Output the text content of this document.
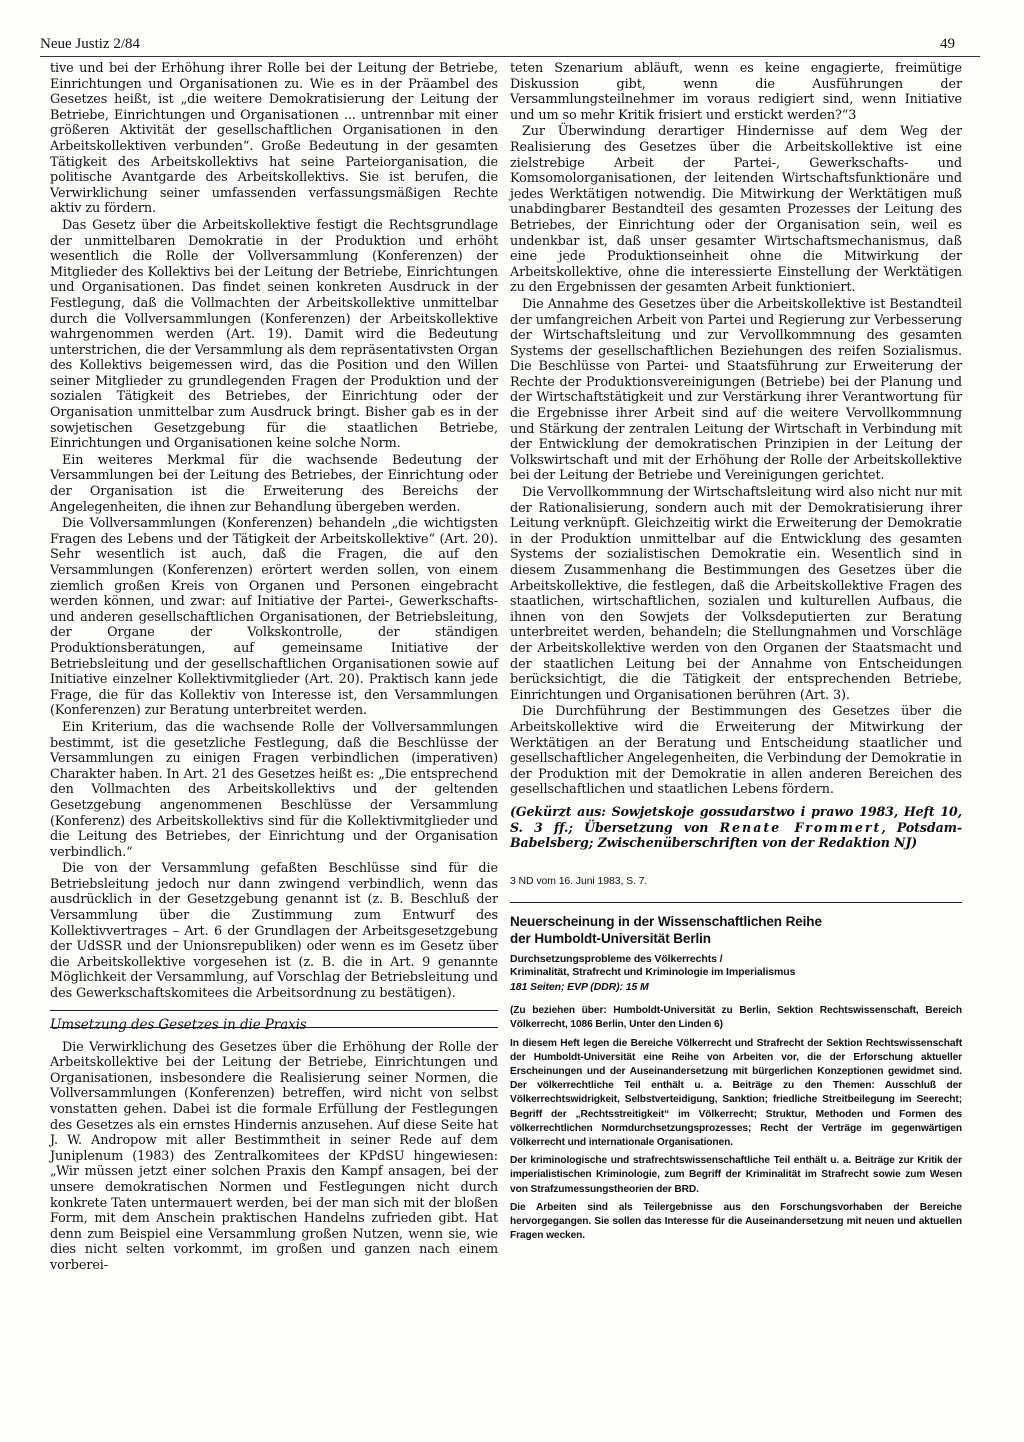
Neue Justiz 2/84	49

tive und bei der Erhöhung ihrer Rolle bei der Leitung der Betriebe, Einrichtungen und Organisationen zu. Wie es in der Präambel des Gesetzes heißt, ist „die weitere Demokratisierung der Leitung der Betriebe, Einrichtungen und Organisationen ... untrennbar mit einer größeren Aktivität der gesellschaftlichen Organisationen in den Arbeitskollektiven verbunden“. Große Bedeutung in der gesamten Tätigkeit des Arbeitskollektivs hat seine Parteiorganisation, die politische Avantgarde des Arbeitskollektivs. Sie ist berufen, die Verwirklichung seiner umfassenden verfassungsmäßigen Rechte aktiv zu fördern.

Das Gesetz über die Arbeitskollektive festigt die Rechtsgrundlage der unmittelbaren Demokratie in der Produktion und erhöht wesentlich die Rolle der Vollversammlung (Konferenzen) der Mitglieder des Kollektivs bei der Leitung der Betriebe, Einrichtungen und Organisationen. Das findet seinen konkreten Ausdruck in der Festlegung, daß die Vollmachten der Arbeitskollektive unmittelbar durch die Vollversammlungen (Konferenzen) der Arbeitskollektive wahrgenommen werden (Art. 19). Damit wird die Bedeutung unterstrichen, die der Versammlung als dem repräsentativsten Organ des Kollektivs beigemessen wird, das die Position und den Willen seiner Mitglieder zu grundlegenden Fragen der Produktion und der sozialen Tätigkeit des Betriebes, der Einrichtung oder der Organisation unmittelbar zum Ausdruck bringt. Bisher gab es in der sowjetischen Gesetzgebung für die staatlichen Betriebe, Einrichtungen und Organisationen keine solche Norm.

Ein weiteres Merkmal für die wachsende Bedeutung der Versammlungen bei der Leitung des Betriebes, der Einrichtung oder der Organisation ist die Erweiterung des Bereichs der Angelegenheiten, die ihnen zur Behandlung übergeben werden.

Die Vollversammlungen (Konferenzen) behandeln „die wichtigsten Fragen des Lebens und der Tätigkeit der Arbeitskollektive“ (Art. 20). Sehr wesentlich ist auch, daß die Fragen, die auf den Versammlungen (Konferenzen) erörtert werden sollen, von einem ziemlich großen Kreis von Organen und Personen eingebracht werden können, und zwar: auf Initiative der Partei-, Gewerkschafts- und anderen gesellschaftlichen Organisationen, der Betriebsleitung, der Organe der Volkskontrolle, der ständigen Produktionsberatungen, auf gemeinsame Initiative der Betriebsleitung und der gesellschaftlichen Organisationen sowie auf Initiative einzelner Kollektivmitglieder (Art. 20). Praktisch kann jede Frage, die für das Kollektiv von Interesse ist, den Versammlungen (Konferenzen) zur Beratung unterbreitet werden.

Ein Kriterium, das die wachsende Rolle der Vollversammlungen bestimmt, ist die gesetzliche Festlegung, daß die Beschlüsse der Versammlungen zu einigen Fragen verbindlichen (imperativen) Charakter haben. In Art. 21 des Gesetzes heißt es: „Die entsprechend den Vollmachten des Arbeitskollektivs und der geltenden Gesetzgebung angenommenen Beschlüsse der Versammlung (Konferenz) des Arbeitskollektivs sind für die Kollektivmitglieder und die Leitung des Betriebes, der Einrichtung und der Organisation verbindlich.“

Die von der Versammlung gefaßten Beschlüsse sind für die Betriebsleitung jedoch nur dann zwingend verbindlich, wenn das ausdrücklich in der Gesetzgebung genannt ist (z. B. Beschluß der Versammlung über die Zustimmung zum Entwurf des Kollektivvertrages – Art. 6 der Grundlagen der Arbeitsgesetzgebung der UdSSR und der Unionsrepubliken) oder wenn es im Gesetz über die Arbeitskollektive vorgesehen ist (z. B. die in Art. 9 genannte Möglichkeit der Versammlung, auf Vorschlag der Betriebsleitung und des Gewerkschaftskomitees die Arbeitsordnung zu bestätigen).

Umsetzung des Gesetzes in die Praxis

Die Verwirklichung des Gesetzes über die Erhöhung der Rolle der Arbeitskollektive bei der Leitung der Betriebe, Einrichtungen und Organisationen, insbesondere die Realisierung seiner Normen, die Vollversammlungen (Konferenzen) betreffen, wird nicht von selbst vonstatten gehen. Dabei ist die formale Erfüllung der Festlegungen des Gesetzes als ein ernstes Hindernis anzusehen. Auf diese Seite hat J. W. Andropow mit aller Bestimmtheit in seiner Rede auf dem Juniplenum (1983) des Zentralkomitees der KPdSU hingewiesen: „Wir müssen jetzt einer solchen Praxis den Kampf ansagen, bei der unsere demokratischen Normen und Festlegungen nicht durch konkrete Taten untermauert werden, bei der man sich mit der bloßen Form, mit dem Anschein praktischen Handelns zufrieden gibt. Hat denn zum Beispiel eine Versammlung großen Nutzen, wenn sie, wie dies nicht selten vorkommt, im großen und ganzen nach einem vorberei-

teten Szenarium abläuft, wenn es keine engagierte, freimütige Diskussion gibt, wenn die Ausführungen der Versammlungsteilnehmer im voraus redigiert sind, wenn Initiative und um so mehr Kritik frisiert und erstickt werden?“3

Zur Überwindung derartiger Hindernisse auf dem Weg der Realisierung des Gesetzes über die Arbeitskollektive ist eine zielstrebige Arbeit der Partei-, Gewerkschafts- und Komsomolorganisationen, der leitenden Wirtschaftsfunktionäre und jedes Werktätigen notwendig. Die Mitwirkung der Werktätigen muß unabdingbarer Bestandteil des gesamten Prozesses der Leitung des Betriebes, der Einrichtung oder der Organisation sein, weil es undenkbar ist, daß unser gesamter Wirtschaftsmechanismus, daß eine jede Produktionseinheit ohne die Mitwirkung der Arbeitskollektive, ohne die interessierte Einstellung der Werktätigen zu den Ergebnissen der gesamten Arbeit funktioniert.

Die Annahme des Gesetzes über die Arbeitskollektive ist Bestandteil der umfangreichen Arbeit von Partei und Regierung zur Verbesserung der Wirtschaftsleitung und zur Vervollkommnung des gesamten Systems der gesellschaftlichen Beziehungen des reifen Sozialismus. Die Beschlüsse von Partei- und Staatsführung zur Erweiterung der Rechte der Produktionsvereinigungen (Betriebe) bei der Planung und der Wirtschaftstätigkeit und zur Verstärkung ihrer Verantwortung für die Ergebnisse ihrer Arbeit sind auf die weitere Vervollkommnung und Stärkung der zentralen Leitung der Wirtschaft in Verbindung mit der Entwicklung der demokratischen Prinzipien in der Leitung der Volkswirtschaft und mit der Erhöhung der Rolle der Arbeitskollektive bei der Leitung der Betriebe und Vereinigungen gerichtet.

Die Vervollkommnung der Wirtschaftsleitung wird also nicht nur mit der Rationalisierung, sondern auch mit der Demokratisierung ihrer Leitung verknüpft. Gleichzeitig wirkt die Erweiterung der Demokratie in der Produktion unmittelbar auf die Entwicklung des gesamten Systems der sozialistischen Demokratie ein. Wesentlich sind in diesem Zusammenhang die Bestimmungen des Gesetzes über die Arbeitskollektive, die festlegen, daß die Arbeitskollektive Fragen des staatlichen, wirtschaftlichen, sozialen und kulturellen Aufbaus, die ihnen von den Sowjets der Volksdeputierten zur Beratung unterbreitet werden, behandeln; die Stellungnahmen und Vorschläge der Arbeitskollektive werden von den Organen der Staatsmacht und der staatlichen Leitung bei der Annahme von Entscheidungen berücksichtigt, die die Tätigkeit der entsprechenden Betriebe, Einrichtungen und Organisationen berühren (Art. 3).

Die Durchführung der Bestimmungen des Gesetzes über die Arbeitskollektive wird die Erweiterung der Mitwirkung der Werktätigen an der Beratung und Entscheidung staatlicher und gesellschaftlicher Angelegenheiten, die Verbindung der Demokratie in der Produktion mit der Demokratie in allen anderen Bereichen des gesellschaftlichen und staatlichen Lebens fördern.

(Gekürzt aus: Sowjetskoje gossudarstwo i prawo 1983, Heft 10, S. 3 ff.; Übersetzung von Renate Frommert, Potsdam-Babelsberg; Zwischenüberschriften von der Redaktion NJ)

3 ND vom 16. Juni 1983, S. 7.
Neuerscheinung in der Wissenschaftlichen Reihe
der Humboldt-Universität Berlin
Durchsetzungsprobleme des Völkerrechts /
Kriminalität, Strafrecht und Kriminologie im Imperialismus
181 Seiten; EVP (DDR): 15 M
(Zu beziehen über: Humboldt-Universität zu Berlin, Sektion Rechtswissenschaft, Bereich Völkerrecht, 1086 Berlin, Unter den Linden 6)
In diesem Heft legen die Bereiche Völkerrecht und Strafrecht der Sektion Rechtswissenschaft der Humboldt-Universität eine Reihe von Arbeiten vor, die der Erforschung aktueller Erscheinungen und der Auseinandersetzung mit bürgerlichen Konzeptionen gewidmet sind. Der völkerrechtliche Teil enthält u. a. Beiträge zu den Themen: Ausschluß der Völkerrechtswidrigkeit, Selbstverteidigung, Sanktion; friedliche Streitbeilegung im Seerecht; Begriff der „Rechtsstreitigkeit“ im Völkerrecht; Struktur, Methoden und Formen des völkerrechtlichen Normdurchsetzungsprozesses; Recht der Verträge im gegenwärtigen Völkerrecht und internationale Organisationen.
Der kriminologische und strafrechtswissenschaftliche Teil enthält u. a. Beiträge zur Kritik der imperialistischen Kriminologie, zum Begriff der Kriminalität im Strafrecht sowie zum Wesen von Strafzumessungstheorien der BRD.
Die Arbeiten sind als Teilergebnisse aus den Forschungsvorhaben der Bereiche hervorgegangen. Sie sollen das Interesse für die Auseinandersetzung mit neuen und aktuellen Fragen wecken.
